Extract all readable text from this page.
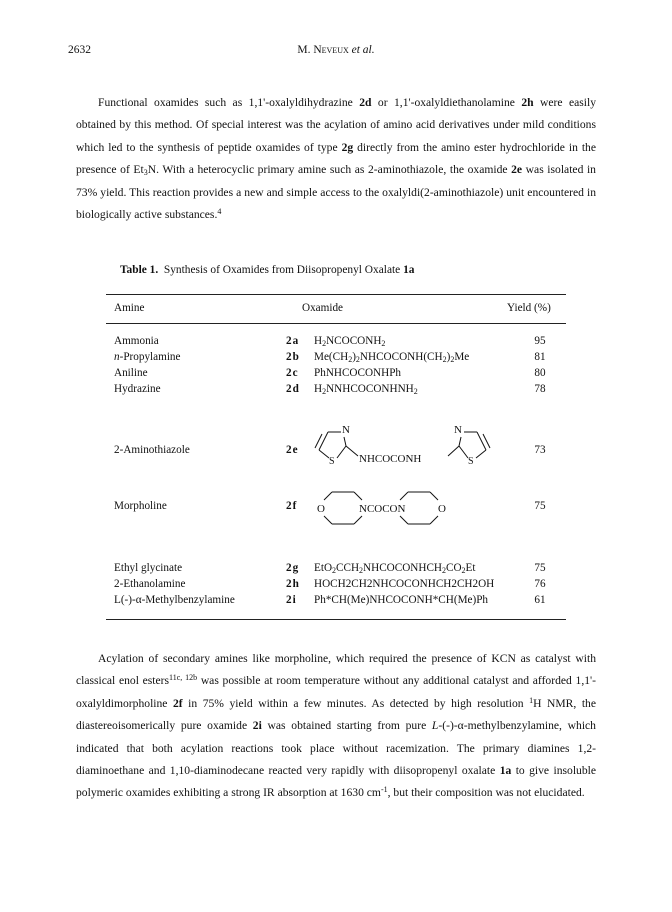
2632	M. Neveux et al.

Functional oxamides such as 1,1'-oxalyldihydrazine 2d or 1,1'-oxalyldiethanolamine 2h were easily obtained by this method. Of special interest was the acylation of amino acid derivatives under mild conditions which led to the synthesis of peptide oxamides of type 2g directly from the amino ester hydrochloride in the presence of $Et_3N$. With a heterocyclic primary amine such as 2-aminothiazole, the oxamide 2e was isolated in 73% yield. This reaction provides a new and simple access to the oxalyldi(2-aminothiazole) unit encountered in biologically active substances.$^4$

Table 1. Synthesis of Oxamides from Diisopropenyl Oxalate 1a
Amine	Oxamide	Yield (%)
Ammonia	2a $H_2NCOCONH_2$	95
n-Propylamine	2b $Me(CH_2)_2NHCOCONH(CH_2)_2Me$	81
Aniline	2c PhNHCOCONHPh	80
Hydrazine	2d $H_2NNHCOCONHNH_2$	78
2-Aminothiazole	2e	73
N
S
N
S
NHCOCONH
Morpholine	2f	75
O	NCOCON	O
Ethyl glycinate	2g $EtO_2CCH_2NHCOCONHCH_2CO_2Et$	75
2-Ethanolamine	2h HOCH2CH2NHCOCONHCH2CH2OH	76
L(-)-α-Methylbenzylamine	2i Ph*CH(Me)NHCOCONH*CH(Me)Ph	61

Acylation of secondary amines like morpholine, which required the presence of KCN as catalyst with classical enol esters$^{11c, 12b}$ was possible at room temperature without any additional catalyst and afforded 1,1'-oxalyldimorpholine 2f in 75% yield within a few minutes. As detected by high resolution $^1$H NMR, the diastereoisomerically pure oxamide 2i was obtained starting from pure L-(-)-α-methylbenzylamine, which indicated that both acylation reactions took place without racemization. The primary diamines 1,2-diaminoethane and 1,10-diaminodecane reacted very rapidly with diisopropenyl oxalate 1a to give insoluble polymeric oxamides exhibiting a strong IR absorption at 1630 $cm^{-1}$, but their composition was not elucidated.
